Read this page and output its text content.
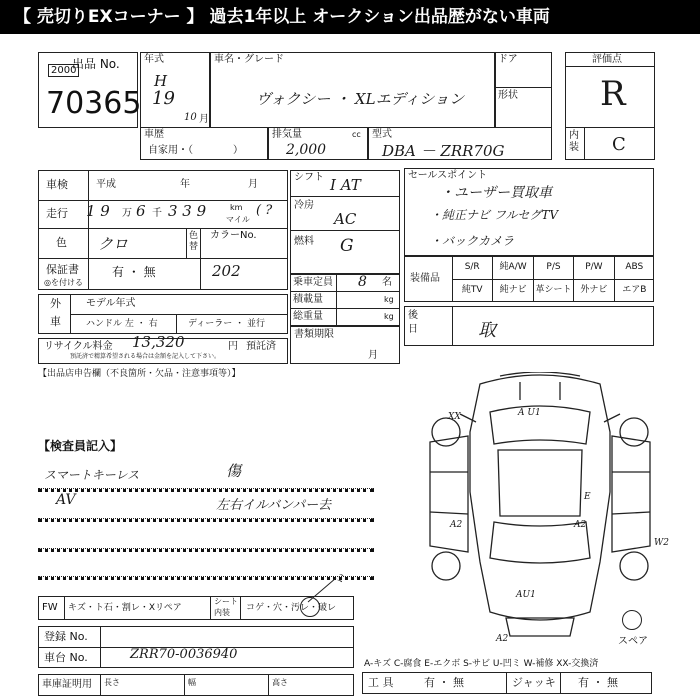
【 売切りEXコーナー 】 過去1年以上 オークション出品歴がない車両
2000
出品 No.
70365
年式
H
19
10 月
車名・グレード
ヴォクシー ・ XLエディション
ドア
形状
車歴
自家用・（　　　　）
排気量	cc
2,000
型式
DBA － ZRR70G
評価点
R
内装 C
車検	平成	年	月
走行 1 9 万 6 千 3 3 9	km
マイル
( ?
色 クロ	色替
カラーNo.
202
保証書
◎を付ける
有 ・ 無
外
車
モデル年式
ハンドル 左 ・ 右	ディーラー ・ 並行
リサイクル料金 13,320	円 預託済
預託済で精算希望される場合は金額を記入して下さい。
【出品店申告欄（不良箇所・欠品・注意事項等）】
シフト I AT
冷房
AC
燃料 G
乗車定員 8 名
積載量	kg
総重量	kg
書類期限
月
セールスポイント
・ユーザー買取車
・純正ナビ フルセグTV
・バックカメラ
装備品
S/R	純A/W	P/S	P/W	ABS
純TV	純ナビ 革シート 外ナビ	エアB
後
日	取
【検査員記入】
スマートキーレス
AV
傷
左右イルバンパー去
FW キズ・ト石・割レ・Xリペア
シート
内装 コゲ・穴・汚レ・破レ
ミ
登録 No.
車台 No.	ZRR70-0036940
車庫証明用 長さ	幅	高さ
A U1
XX
A2	A2
AU1
A2
W2
E
スペア
A-キズ C-腐食 E-エクボ S-サビ U-凹ミ W-補修 XX-交換済
工 具	有 ・ 無	ジャッキ 有 ・ 無
